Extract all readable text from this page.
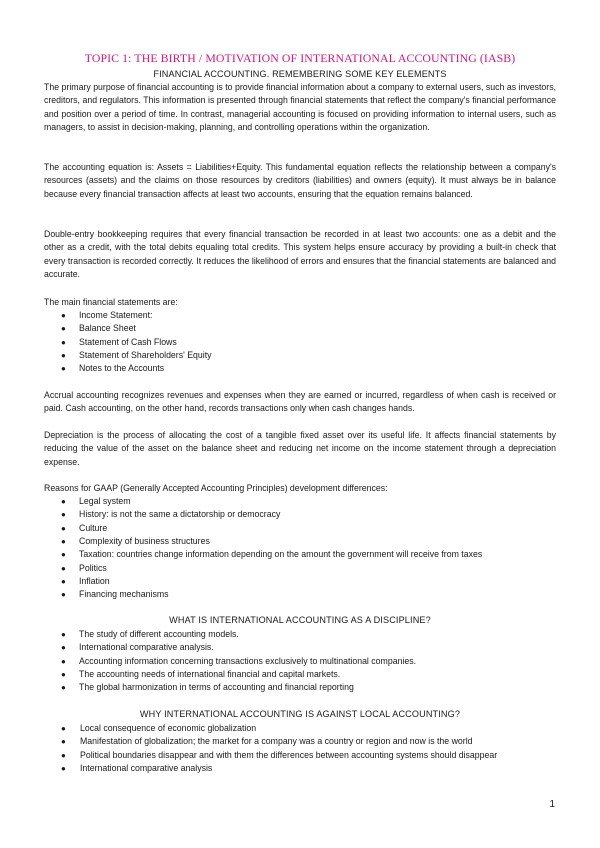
TOPIC 1: THE BIRTH / MOTIVATION OF INTERNATIONAL ACCOUNTING (IASB)
FINANCIAL ACCOUNTING. REMEMBERING SOME KEY ELEMENTS

The primary purpose of financial accounting is to provide financial information about a company to external users, such as investors, creditors, and regulators. This information is presented through financial statements that reflect the company's financial performance and position over a period of time. In contrast, managerial accounting is focused on providing information to internal users, such as managers, to assist in decision-making, planning, and controlling operations within the organization.

The accounting equation is: Assets = Liabilities+Equity. This fundamental equation reflects the relationship between a company's resources (assets) and the claims on those resources by creditors (liabilities) and owners (equity). It must always be in balance because every financial transaction affects at least two accounts, ensuring that the equation remains balanced.

Double-entry bookkeeping requires that every financial transaction be recorded in at least two accounts: one as a debit and the other as a credit, with the total debits equaling total credits. This system helps ensure accuracy by providing a built-in check that every transaction is recorded correctly. It reduces the likelihood of errors and ensures that the financial statements are balanced and accurate.

The main financial statements are:

● Income Statement:
● Balance Sheet
● Statement of Cash Flows
● Statement of Shareholders' Equity
● Notes to the Accounts

Accrual accounting recognizes revenues and expenses when they are earned or incurred, regardless of when cash is received or paid. Cash accounting, on the other hand, records transactions only when cash changes hands.

Depreciation is the process of allocating the cost of a tangible fixed asset over its useful life. It affects financial statements by reducing the value of the asset on the balance sheet and reducing net income on the income statement through a depreciation expense.

Reasons for GAAP (Generally Accepted Accounting Principles) development differences:

● Legal system
● History: is not the same a dictatorship or democracy
● Culture
● Complexity of business structures
● Taxation: countries change information depending on the amount the government will receive from taxes
● Politics
● Inflation
● Financing mechanisms
WHAT IS INTERNATIONAL ACCOUNTING AS A DISCIPLINE?
● The study of different accounting models.
● International comparative analysis.
● Accounting information concerning transactions exclusively to multinational companies.
● The accounting needs of international financial and capital markets.
● The global harmonization in terms of accounting and financial reporting
WHY INTERNATIONAL ACCOUNTING IS AGAINST LOCAL ACCOUNTING?
● Local consequence of economic globalization
● Manifestation of globalization; the market for a company was a country or region and now is the world
● Political boundaries disappear and with them the differences between accounting systems should disappear
● International comparative analysis
1
